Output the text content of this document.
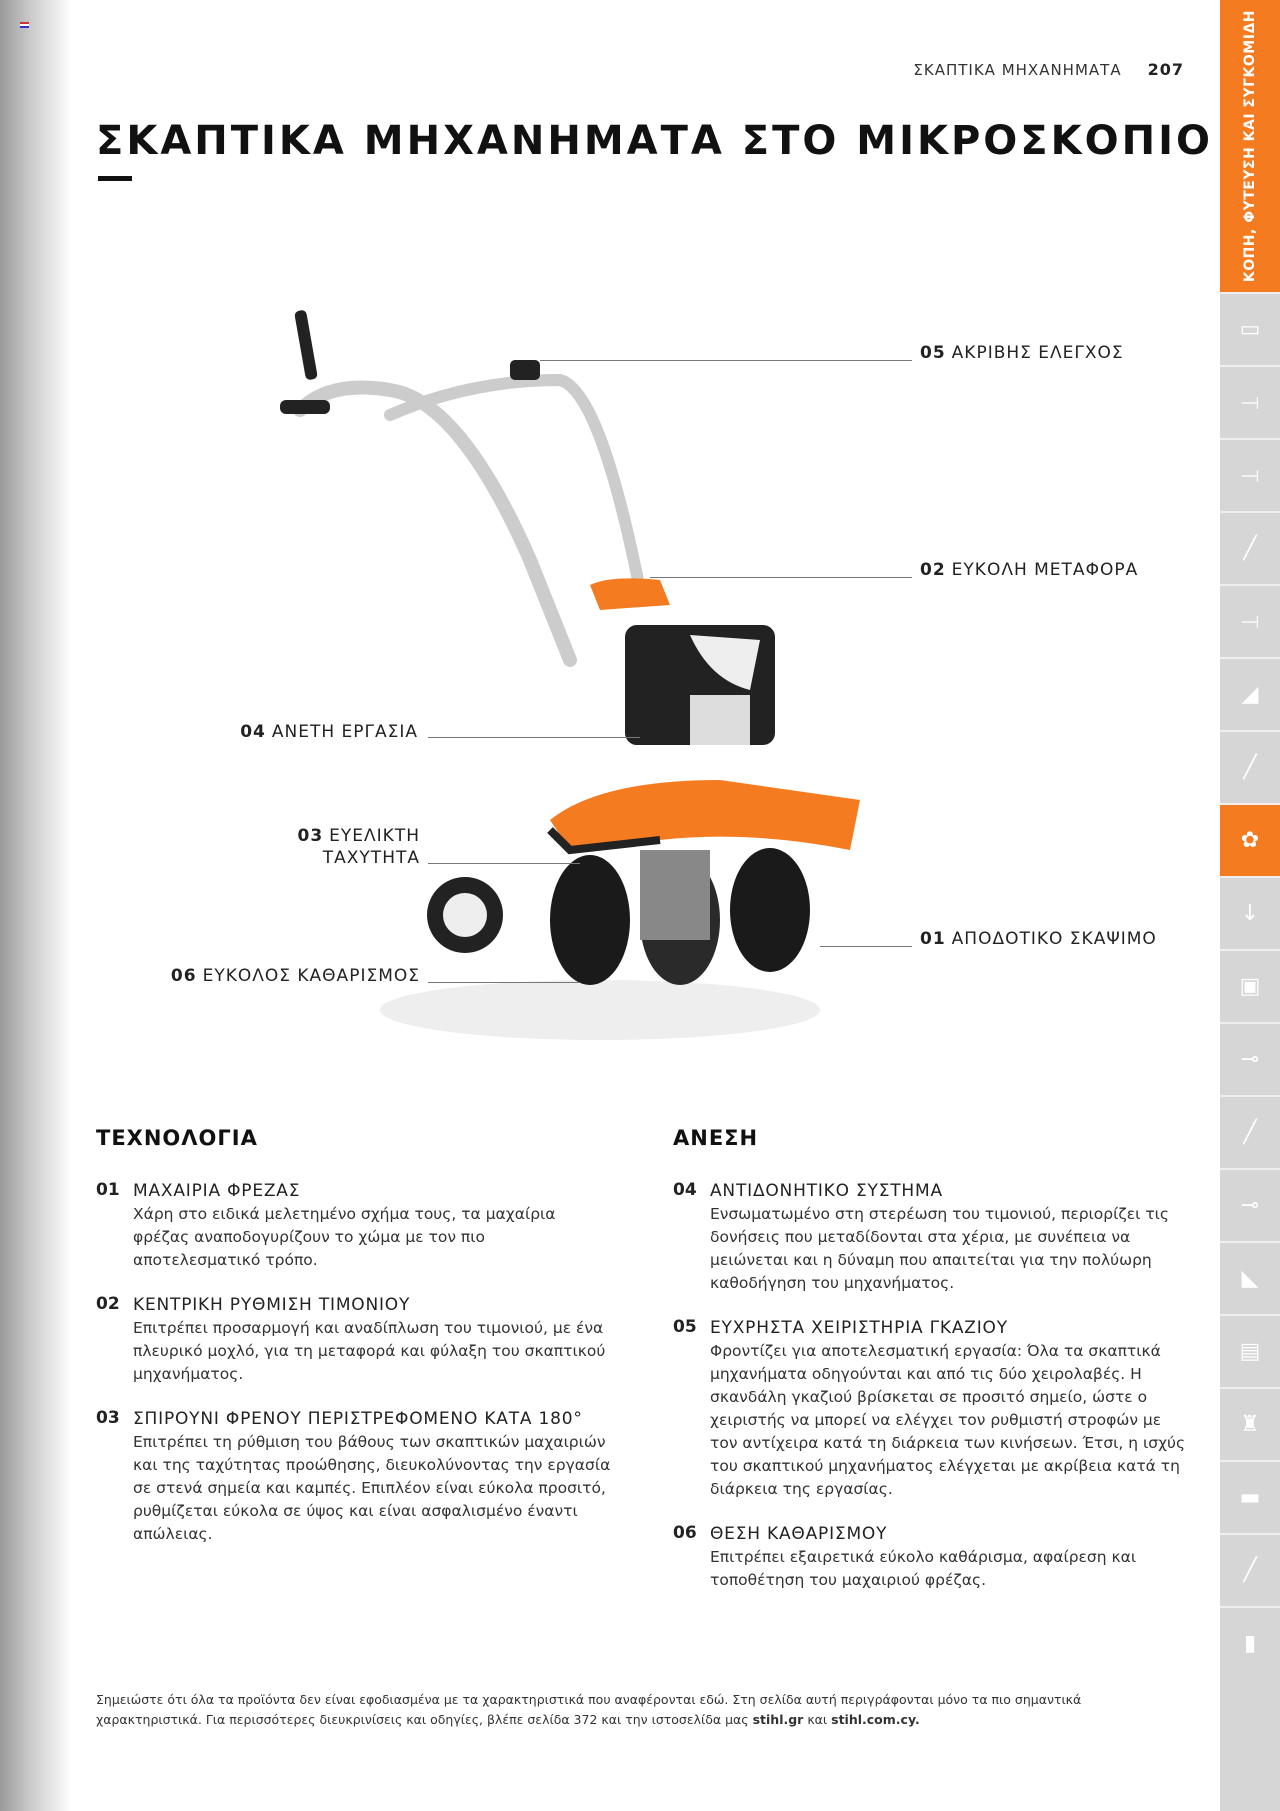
ΣΚΑΠΤΙΚΑ ΜΗΧΑΝΗΜΑΤΑ 207
ΣΚΑΠΤΙΚΑ ΜΗΧΑΝΗΜΑΤΑ ΣΤΟ ΜΙΚΡΟΣΚΟΠΙΟ ΚΟΠΗ, ΦΥΤΕΥΣΗ ΚΑΙ ΣΥΓΚΟΜΙΔΗ
▭
⟞
⟞
╱
⟞
◢
╱
✿
↓
▣
⊸
╱
⊸
◣
▤
♜
▬
╱
▮
05 ΑΚΡΙΒΗΣ ΕΛΕΓΧΟΣ
02 ΕΥΚΟΛΗ ΜΕΤΑΦΟΡΑ
04 ΑΝΕΤΗ ΕΡΓΑΣΙΑ
03 ΕΥΕΛΙΚΤΗ
ΤΑΧΥΤΗΤΑ
01 ΑΠΟΔΟΤΙΚΟ ΣΚΑΨΙΜΟ
06 ΕΥΚΟΛΟΣ ΚΑΘΑΡΙΣΜΟΣ
ΤΕΧΝΟΛΟΓΙΑ
01 ΜΑΧΑΙΡΙΑ ΦΡΕΖΑΣ
Χάρη στο ειδικά μελετημένο σχήμα τους, τα μαχαίρια φρέζας αναποδογυρίζουν το χώμα με τον πιο αποτελεσματικό τρόπο.
02 ΚΕΝΤΡΙΚΗ ΡΥΘΜΙΣΗ ΤΙΜΟΝΙΟΥ
Επιτρέπει προσαρμογή και αναδίπλωση του τιμονιού, με ένα πλευρικό μοχλό, για τη μεταφορά και φύλαξη του σκαπτικού μηχανήματος.
03 ΣΠΙΡΟΥΝΙ ΦΡΕΝΟΥ ΠΕΡΙΣΤΡΕΦΟΜΕΝΟ ΚΑΤΑ 180°
Επιτρέπει τη ρύθμιση του βάθους των σκαπτικών μαχαιριών και της ταχύτητας προώθησης, διευκολύνοντας την εργασία σε στενά σημεία και καμπές. Επιπλέον είναι εύκολα προσιτό, ρυθμίζεται εύκολα σε ύψος και είναι ασφαλισμένο έναντι απώλειας.
ΑΝΕΣΗ
04 ΑΝΤΙΔΟΝΗΤΙΚΟ ΣΥΣΤΗΜΑ
Ενσωματωμένο στη στερέωση του τιμονιού, περιορίζει τις δονήσεις που μεταδίδονται στα χέρια, με συνέπεια να μειώνεται και η δύναμη που απαιτείται για την πολύωρη καθοδήγηση του μηχανήματος.
05 ΕΥΧΡΗΣΤΑ ΧΕΙΡΙΣΤΗΡΙΑ ΓΚΑΖΙΟΥ
Φροντίζει για αποτελεσματική εργασία: Όλα τα σκαπτικά μηχανήματα οδηγούνται και από τις δύο χειρολαβές. Η σκανδάλη γκαζιού βρίσκεται σε προσιτό σημείο, ώστε ο χειριστής να μπορεί να ελέγχει τον ρυθμιστή στροφών με τον αντίχειρα κατά τη διάρκεια των κινήσεων. Έτσι, η ισχύς του σκαπτικού μηχανήματος ελέγχεται με ακρίβεια κατά τη διάρκεια της εργασίας.
06 ΘΕΣΗ ΚΑΘΑΡΙΣΜΟΥ
Επιτρέπει εξαιρετικά εύκολο καθάρισμα, αφαίρεση και τοποθέτηση του μαχαιριού φρέζας.
Σημειώστε ότι όλα τα προϊόντα δεν είναι εφοδιασμένα με τα χαρακτηριστικά που αναφέρονται εδώ. Στη σελίδα αυτή περιγράφονται μόνο τα πιο σημαντικά χαρακτηριστικά. Για περισσότερες διευκρινίσεις και οδηγίες, βλέπε σελίδα 372 και την ιστοσελίδα μας stihl.gr και stihl.com.cy.
